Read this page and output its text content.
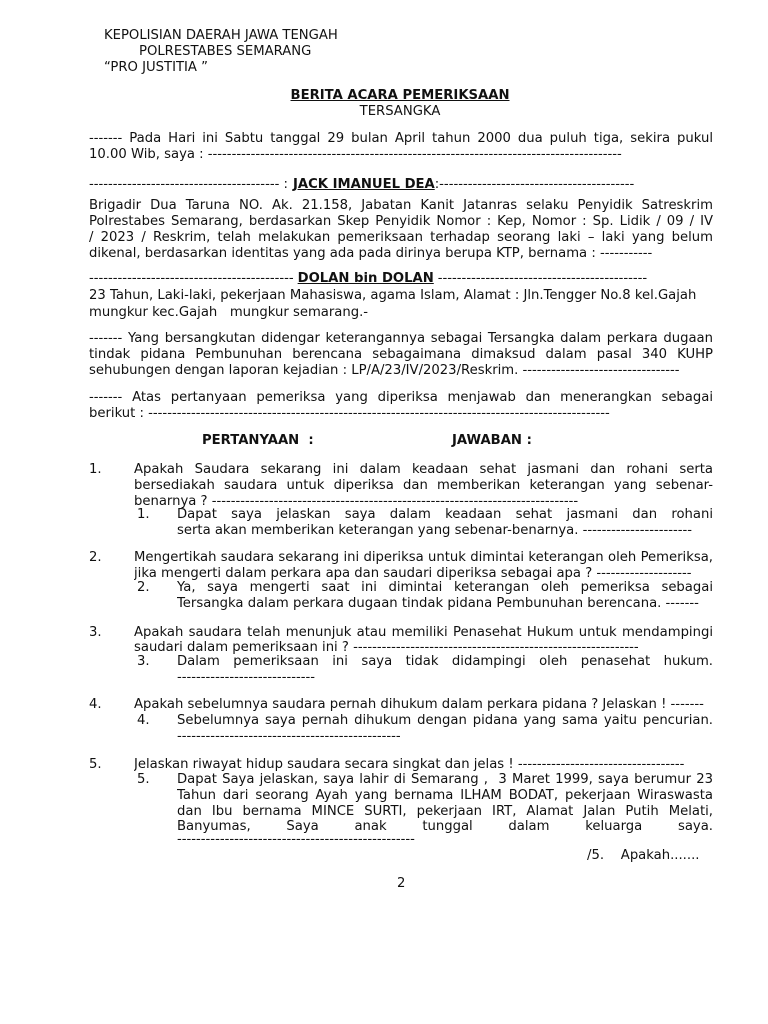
KEPOLISIAN DAERAH JAWA TENGAH
POLRESTABES SEMARANG
“PRO JUSTITIA ”
BERITA ACARA PEMERIKSAAN
TERSANGKA
------- Pada Hari ini Sabtu tanggal 29 bulan April tahun 2000 dua puluh tiga, sekira pukul
10.00 Wib, saya : ---------------------------------------------------------------------------------------
---------------------------------------- : JACK IMANUEL DEA:-----------------------------------------
Brigadir Dua Taruna NO. Ak. 21.158, Jabatan Kanit Jatanras selaku Penyidik Satreskrim
Polrestabes Semarang, berdasarkan Skep Penyidik Nomor : Kep, Nomor : Sp. Lidik / 09 / IV
/ 2023 / Reskrim, telah melakukan pemeriksaan terhadap seorang laki – laki yang belum
dikenal, berdasarkan identitas yang ada pada dirinya berupa KTP, bernama : -----------
------------------------------------------- DOLAN bin DOLAN --------------------------------------------
23 Tahun, Laki-laki, pekerjaan Mahasiswa, agama Islam, Alamat : Jln.Tengger No.8 kel.Gajah
mungkur kec.Gajah   mungkur semarang.-
------- Yang bersangkutan didengar keterangannya sebagai Tersangka dalam perkara dugaan
tindak pidana Pembunuhan berencana sebagaimana dimaksud dalam pasal 340 KUHP
sehubungen dengan laporan kejadian : LP/A/23/IV/2023/Reskrim. ---------------------------------
------- Atas pertanyaan pemeriksa yang diperiksa menjawab dan menerangkan sebagai
berikut : -------------------------------------------------------------------------------------------------
PERTANYAAN  :	JAWABAN :
1. Apakah Saudara sekarang ini dalam keadaan sehat jasmani dan rohani serta
bersediakah saudara untuk diperiksa dan memberikan keterangan yang sebenar-
benarnya ? -----------------------------------------------------------------------------
1. Dapat saya jelaskan saya dalam keadaan sehat jasmani dan rohani
serta akan memberikan keterangan yang sebenar-benarnya. -----------------------
2. Mengertikah saudara sekarang ini diperiksa untuk dimintai keterangan oleh Pemeriksa,
jika mengerti dalam perkara apa dan saudari diperiksa sebagai apa ? --------------------
2. Ya, saya mengerti saat ini dimintai keterangan oleh pemeriksa sebagai
Tersangka dalam perkara dugaan tindak pidana Pembunuhan berencana. -------
3. Apakah saudara telah menunjuk atau memiliki Penasehat Hukum untuk mendampingi
saudari dalam pemeriksaan ini ? ------------------------------------------------------------
3. Dalam pemeriksaan ini saya tidak didampingi oleh penasehat hukum.
-----------------------------
4. Apakah sebelumnya saudara pernah dihukum dalam perkara pidana ? Jelaskan ! -------
4. Sebelumnya saya pernah dihukum dengan pidana yang sama yaitu pencurian.
-----------------------------------------------
5. Jelaskan riwayat hidup saudara secara singkat dan jelas ! -----------------------------------
5. Dapat Saya jelaskan, saya lahir di Semarang ,  3 Maret 1999, saya berumur 23
Tahun dari seorang Ayah yang bernama ILHAM BODAT, pekerjaan Wiraswasta
dan Ibu bernama MINCE SURTI, pekerjaan IRT, Alamat Jalan Putih Melati,
Banyumas, Saya anak tunggal dalam keluarga saya.
--------------------------------------------------
/5.    Apakah.......
2
